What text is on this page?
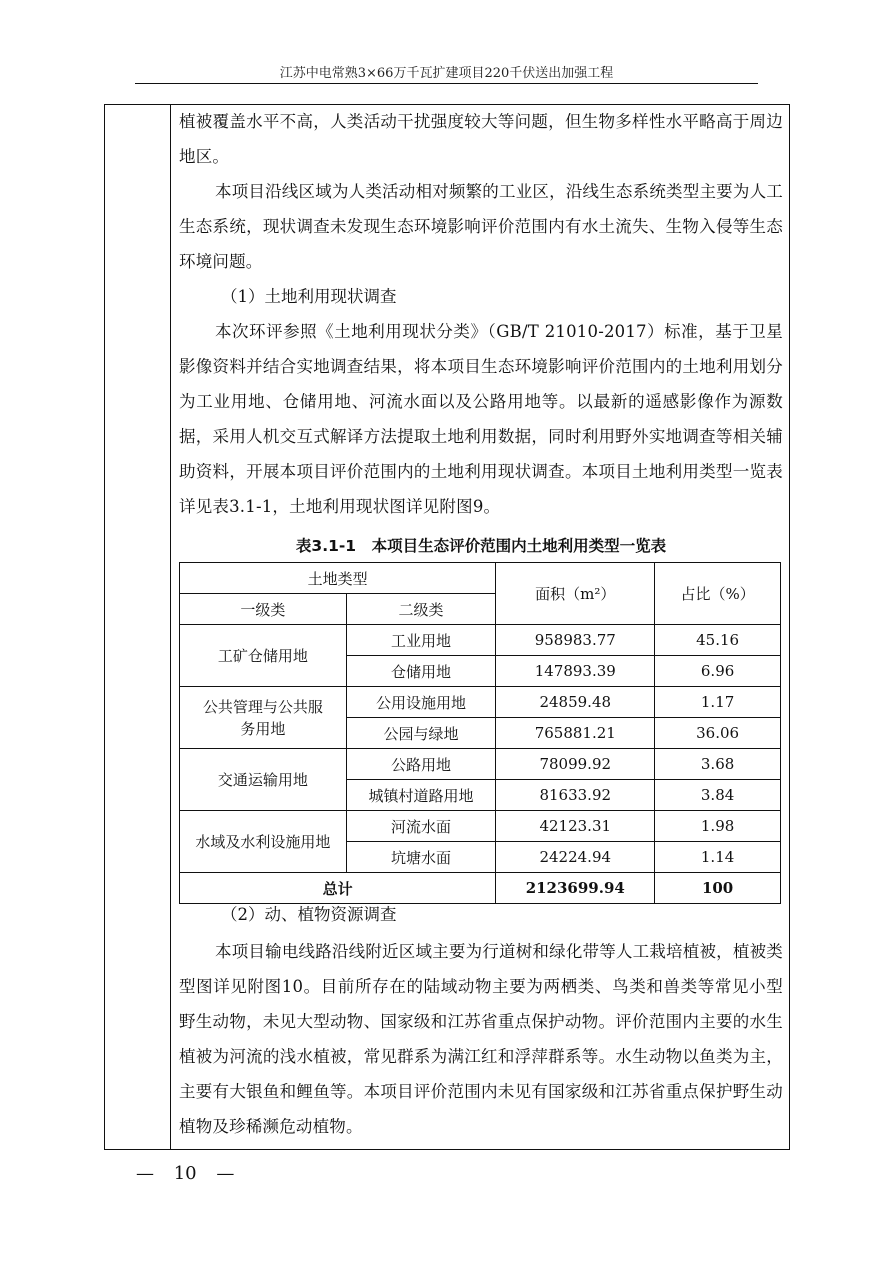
江苏中电常熟3×66万千瓦扩建项目220千伏送出加强工程

植被覆盖水平不高，人类活动干扰强度较大等问题，但生物多样性水平略高于周边地区。

本项目沿线区域为人类活动相对频繁的工业区，沿线生态系统类型主要为人工生态系统，现状调查未发现生态环境影响评价范围内有水土流失、生物入侵等生态环境问题。

（1）土地利用现状调查

本次环评参照《土地利用现状分类》（GB/T 21010-2017）标准，基于卫星影像资料并结合实地调查结果，将本项目生态环境影响评价范围内的土地利用划分为工业用地、仓储用地、河流水面以及公路用地等。以最新的遥感影像作为源数据，采用人机交互式解译方法提取土地利用数据，同时利用野外实地调查等相关辅助资料，开展本项目评价范围内的土地利用现状调查。本项目土地利用类型一览表详见表3.1-1，土地利用现状图详见附图9。

表3.1-1　本项目生态评价范围内土地利用类型一览表

土地类型		面积（m²）	占比（%）
一级类	二级类		
工矿仓储用地	工业用地	958983.77	45.16
	仓储用地	147893.39	6.96
公共管理与公共服务用地	公用设施用地	24859.48	1.17
	公园与绿地	765881.21	36.06
交通运输用地	公路用地	78099.92	3.68
	城镇村道路用地	81633.92	3.84
水域及水利设施用地	河流水面	42123.31	1.98
	坑塘水面	24224.94	1.14
总计		2123699.94	100

（2）动、植物资源调查

本项目输电线路沿线附近区域主要为行道树和绿化带等人工栽培植被，植被类型图详见附图10。目前所存在的陆域动物主要为两栖类、鸟类和兽类等常见小型野生动物，未见大型动物、国家级和江苏省重点保护动物。评价范围内主要的水生植被为河流的浅水植被，常见群系为满江红和浮萍群系等。水生动物以鱼类为主，主要有大银鱼和鲤鱼等。本项目评价范围内未见有国家级和江苏省重点保护野生动植物及珍稀濒危动植物。

— 10 —
